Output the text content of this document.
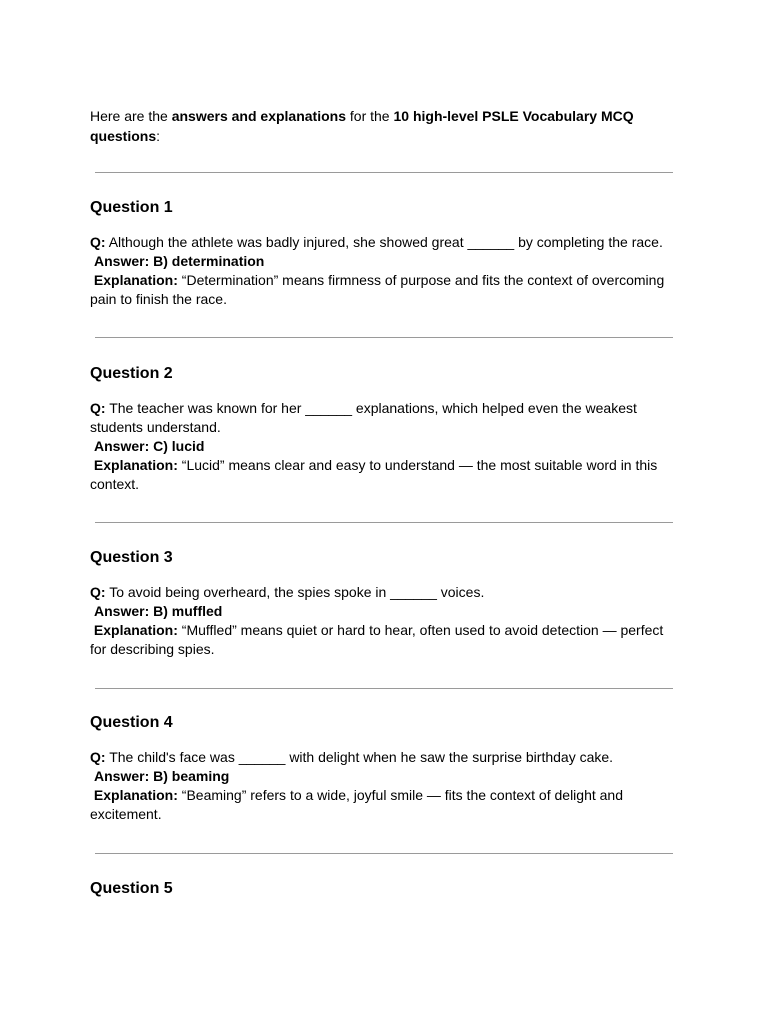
Here are the answers and explanations for the 10 high-level PSLE Vocabulary MCQ questions:

Question 1
Q: Although the athlete was badly injured, she showed great ______ by completing the race.
Answer: B) determination
Explanation: “Determination” means firmness of purpose and fits the context of overcoming pain to finish the race.
Question 2
Q: The teacher was known for her ______ explanations, which helped even the weakest students understand.
Answer: C) lucid
Explanation: “Lucid” means clear and easy to understand — the most suitable word in this context.
Question 3
Q: To avoid being overheard, the spies spoke in ______ voices.
Answer: B) muffled
Explanation: “Muffled” means quiet or hard to hear, often used to avoid detection — perfect for describing spies.
Question 4
Q: The child's face was ______ with delight when he saw the surprise birthday cake.
Answer: B) beaming
Explanation: “Beaming” refers to a wide, joyful smile — fits the context of delight and excitement.
Question 5
